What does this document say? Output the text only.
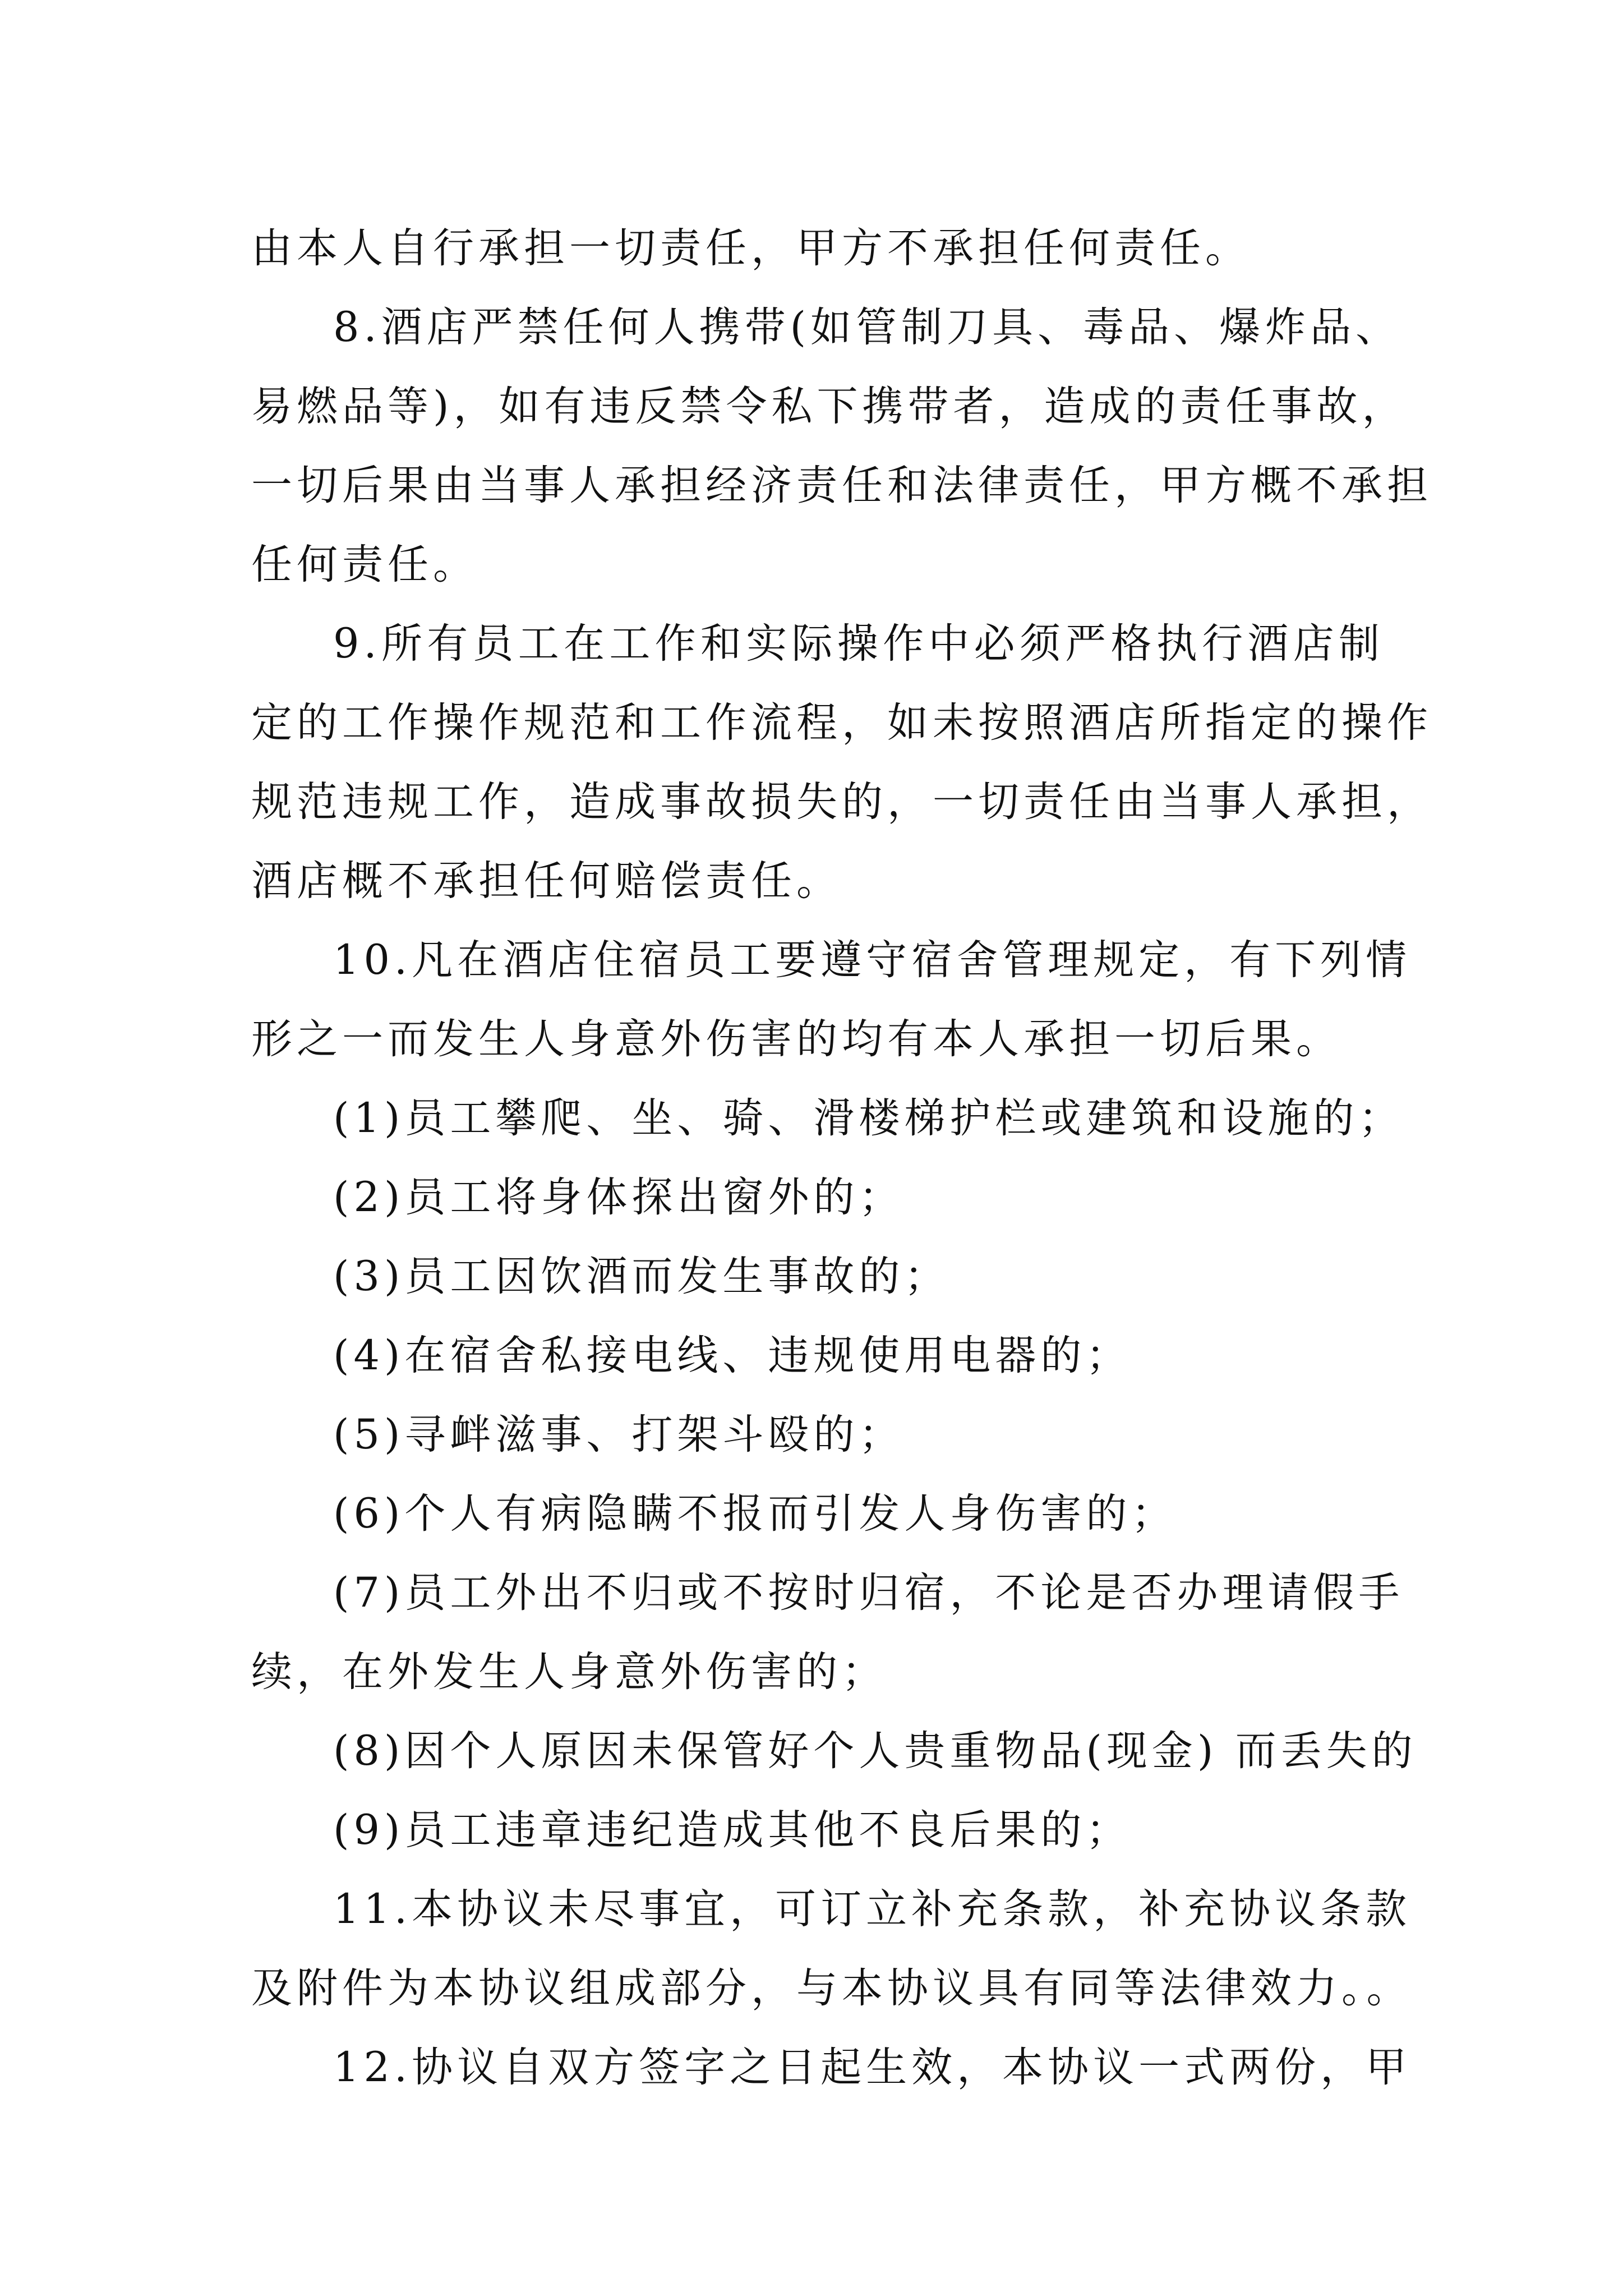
由本人自行承担一切责任，甲方不承担任何责任。
8.酒店严禁任何人携带(如管制刀具、毒品、爆炸品、
易燃品等)，如有违反禁令私下携带者，造成的责任事故，
一切后果由当事人承担经济责任和法律责任，甲方概不承担
任何责任。
9.所有员工在工作和实际操作中必须严格执行酒店制
定的工作操作规范和工作流程，如未按照酒店所指定的操作
规范违规工作，造成事故损失的，一切责任由当事人承担，
酒店概不承担任何赔偿责任。
10.凡在酒店住宿员工要遵守宿舍管理规定，有下列情
形之一而发生人身意外伤害的均有本人承担一切后果。
(1)员工攀爬、坐、骑、滑楼梯护栏或建筑和设施的；
(2)员工将身体探出窗外的；
(3)员工因饮酒而发生事故的；
(4)在宿舍私接电线、违规使用电器的；
(5)寻衅滋事、打架斗殴的；
(6)个人有病隐瞒不报而引发人身伤害的；
(7)员工外出不归或不按时归宿，不论是否办理请假手
续，在外发生人身意外伤害的；
(8)因个人原因未保管好个人贵重物品(现金) 而丢失的
(9)员工违章违纪造成其他不良后果的；
11.本协议未尽事宜，可订立补充条款，补充协议条款
及附件为本协议组成部分，与本协议具有同等法律效力。。
12.协议自双方签字之日起生效，本协议一式两份，甲
